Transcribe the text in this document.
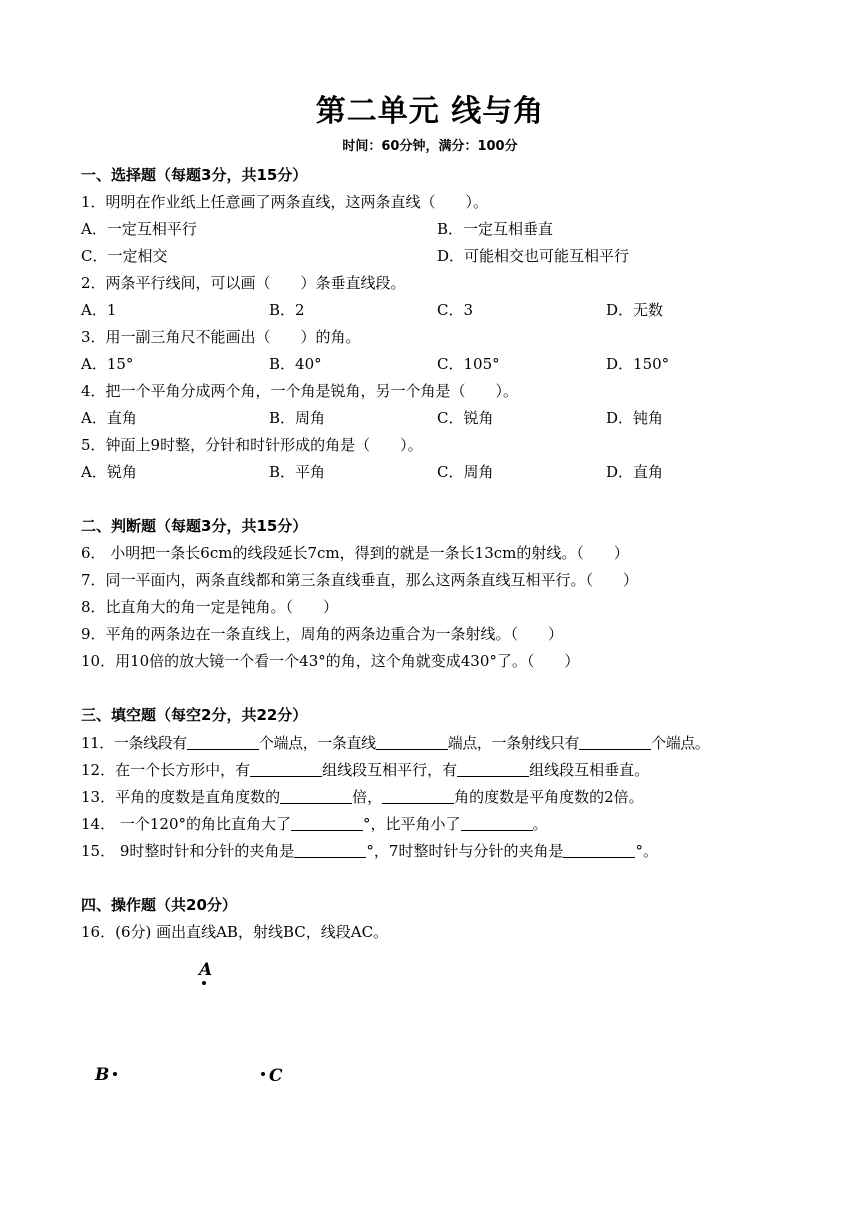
第二单元 线与角
时间：60分钟，满分：100分
一、选择题（每题3分，共15分）
1．明明在作业纸上任意画了两条直线，这两条直线（　　）。
A．一定互相平行	B．一定互相垂直
C．一定相交	D．可能相交也可能互相平行
2．两条平行线间，可以画（　　）条垂直线段。
A．1	B．2	C．3	D．无数
3．用一副三角尺不能画出（　　）的角。
A．15°	B．40°	C．105°	D．150°
4．把一个平角分成两个角，一个角是锐角，另一个角是（　　）。
A．直角	B．周角	C．锐角	D．钝角
5．钟面上9时整，分针和时针形成的角是（　　）。
A．锐角	B．平角	C．周角	D．直角
二、判断题（每题3分，共15分）
6． 小明把一条长6cm的线段延长7cm，得到的就是一条长13cm的射线。（　　）
7．同一平面内，两条直线都和第三条直线垂直，那么这两条直线互相平行。（　　）
8．比直角大的角一定是钝角。（　　）
9．平角的两条边在一条直线上，周角的两条边重合为一条射线。（　　）
10．用10倍的放大镜一个看一个43°的角，这个角就变成430°了。（　　）
三、填空题（每空2分，共22分）
11．一条线段有	个端点，一条直线	端点，一条射线只有	个端点。
12．在一个长方形中，有	组线段互相平行，有	组线段互相垂直。
13．平角的度数是直角度数的	倍，	角的度数是平角度数的2倍。
14． 一个120°的角比直角大了	°，比平角小了	。
15． 9时整时针和分针的夹角是	°，7时整时针与分针的夹角是	°。
四、操作题（共20分）
16．(6分) 画出直线AB，射线BC，线段AC。
A
B	C
